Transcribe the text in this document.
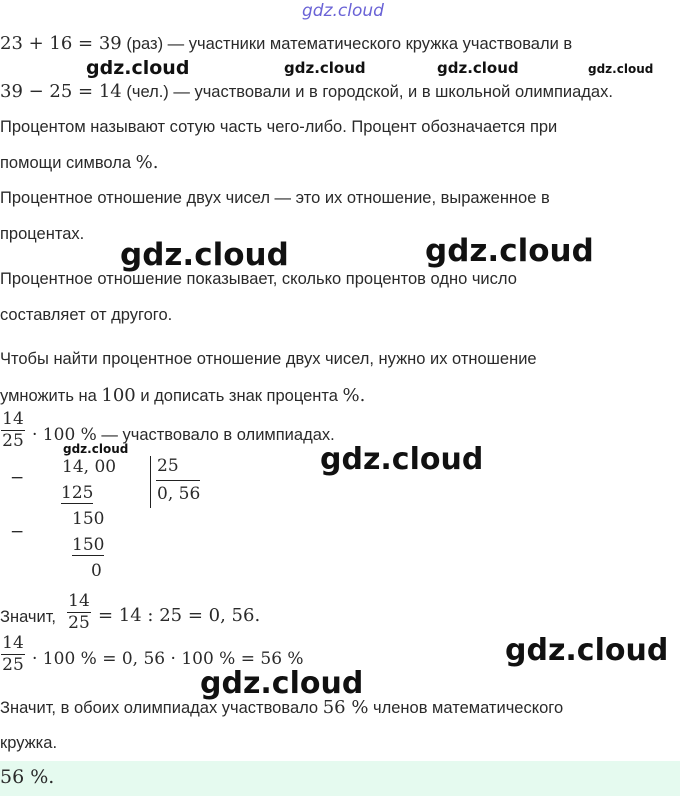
gdz.cloud
23 + 16 = 39 (раз) — участники математического кружка участвовали в
gdz.cloud	gdz.cloud	gdz.cloud	gdz.cloud
39 − 25 = 14 (чел.) — участвовали и в городской, и в школьной олимпиадах.
Процентом называют сотую часть чего-либо. Процент обозначается при
помощи символа %.
Процентное отношение двух чисел — это их отношение, выраженное в
процентах.
gdz.cloud	gdz.cloud
Процентное отношение показывает, сколько процентов одно число
составляет от другого.
Чтобы найти процентное отношение двух чисел, нужно их отношение
умножить на 100 и дописать знак процента %.
14
25 · 100 % — участвовало в олимпиадах.
gdz.cloud	gdz.cloud
−
14, 00
125
25
0, 56
−
150
150
0
Значит,
14
25 = 14 : 25 = 0, 56.
14
25 · 100 % = 0, 56 · 100 % = 56 %	gdz.cloud
gdz.cloud
Значит, в обоих олимпиадах участвовало 56 % членов математического
кружка.
56 %.
